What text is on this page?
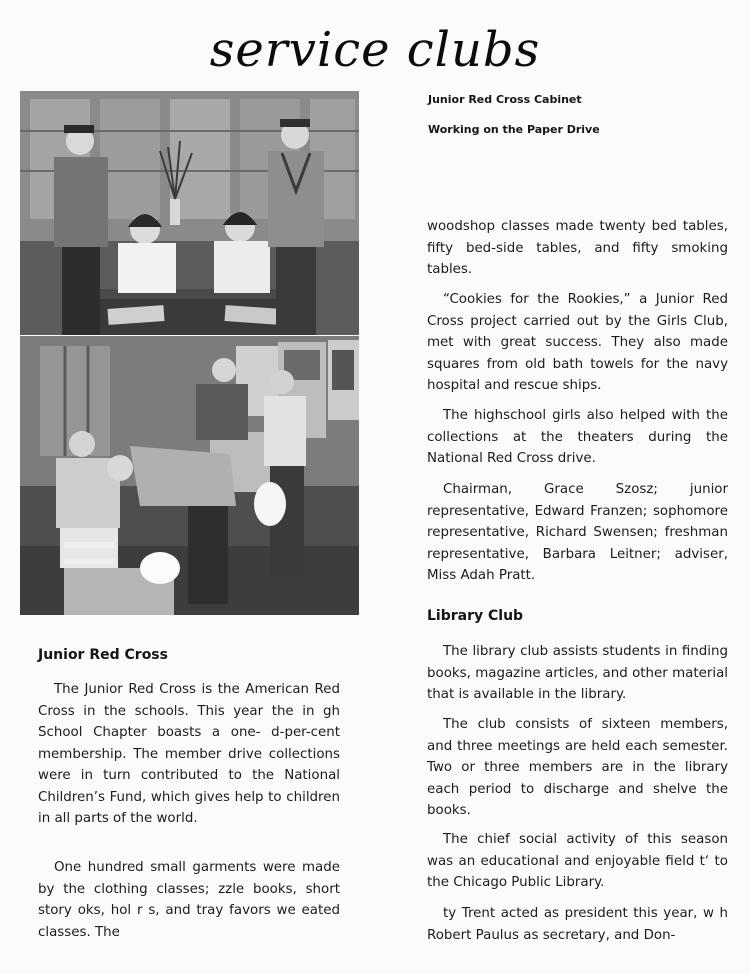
service clubs
Junior Red Cross Cabinet
Working on the Paper Drive

woodshop classes made twenty bed tables, fifty bed-side tables, and fifty smoking tables.

“Cookies for the Rookies,” a Junior Red Cross project carried out by the Girls Club, met with great success. They also made squares from old bath towels for the navy hospital and rescue ships.

The highschool girls also helped with the collections at the theaters during the National Red Cross drive.

Chairman, Grace Szosz; junior representative, Edward Franzen; sophomore representative, Richard Swensen; freshman representative, Barbara Leitner; adviser, Miss Adah Pratt.

Library Club

The library club assists students in finding books, magazine articles, and other material that is available in the library.

The club consists of sixteen members, and three meetings are held each semester. Two or three members are in the library each period to discharge and shelve the books.

The chief social activity of this season was an educational and enjoyable field t‘ to the Chicago Public Library.

ty Trent acted as president this year, w h Robert Paulus as secretary, and Don-

Junior Red Cross

The Junior Red Cross is the American Red Cross in the schools. This year the in gh School Chapter boasts a one- d-per-cent membership. The member drive collections were in turn contributed to the National Children’s Fund, which gives help to children in all parts of the world.

One hundred small garments were made by the clothing classes; zzle books, short story oks, hol r s, and tray favors we eated classes. The
